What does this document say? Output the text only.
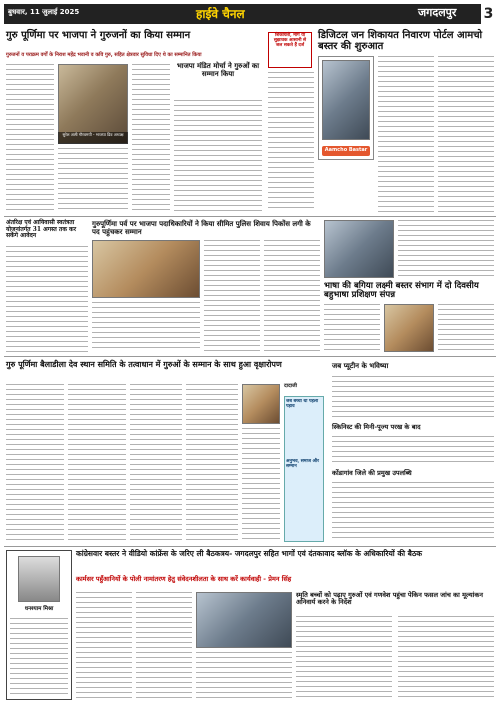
बुधवार, 11 जुलाई 2025	हाईवे चैनल	जगदलपुर 3
गुरु पूर्णिमा पर भाजपा ने गुरुजनों का किया सम्मान
गुरुजनों व पराक्रम वर्गों के निराश महेंद्र भवानी व कवि गुरु, सहित क्षेत्रवार सुविधा दिए थे का सम्मानित किया
सुरेश अली गौरवमयी - भाजपा डिव अध्यक्ष
भाजपा मंडित मोर्चा ने गुरुओं का सम्मान किया
शिकायतों, मांग या सुझावक आसानी से जल सकते हैं दर्ज
डिजिटल जन शिकायत निवारण पोर्टल आमचो बस्तर की शुरुआत
Aamcho Bastar
अंतरिक्ष एवं आयिवासी स्वतंत्रता योजनांतर्गत 31 अगस्त तक कर सकेंगे आवेदन
गुरुपूर्णिमा पर्व पर भाजपा पदाधिकारियों ने किया सीमित पुलिस शिवाय पिकोंस लगी के पद पहुंचकर सम्मान
भाषा की बगिया लक्ष्मी बस्तर संभाग में दो दिवसीय बहुभाषा प्रशिक्षण संपन्न
गुरु पूर्णिमा बैलाडीला देव स्थान समिति के तत्वाधान में गुरुओं के सम्मान के साथ हुआ वृक्षारोपण
दादाजी
जब बच्चा था पहला पड़ाव
अनुभव, समाज और सम्मान
जब प्यूटीन के भविष्या
स्किनिस्ट की मिनी-पूज्य परख के बाद
कोंडागांव जिले की प्रमुख उपलब्धि
धनश्याम मिश्रा
कांग्रेसवार बस्तर ने वीडियो कांफ्रेंस के जरिए ली बैठकत्रय- जगदलपुर सहित भागों एवं दंतकावाद ब्लॉक के अधिकारियों की बैठक
कार्मसर पहुँआनियों के पोली नामांतरण हेतु संवेदनशीलता के साथ करें कार्यवाही - प्रेमन सिंह
स्मृति बच्चों को पढ़ाए गुरुओं एवं गणवेश पहुंचा पेकिन फसल जांच का मूल्यांकन अनिवार्य करने के निर्देश
